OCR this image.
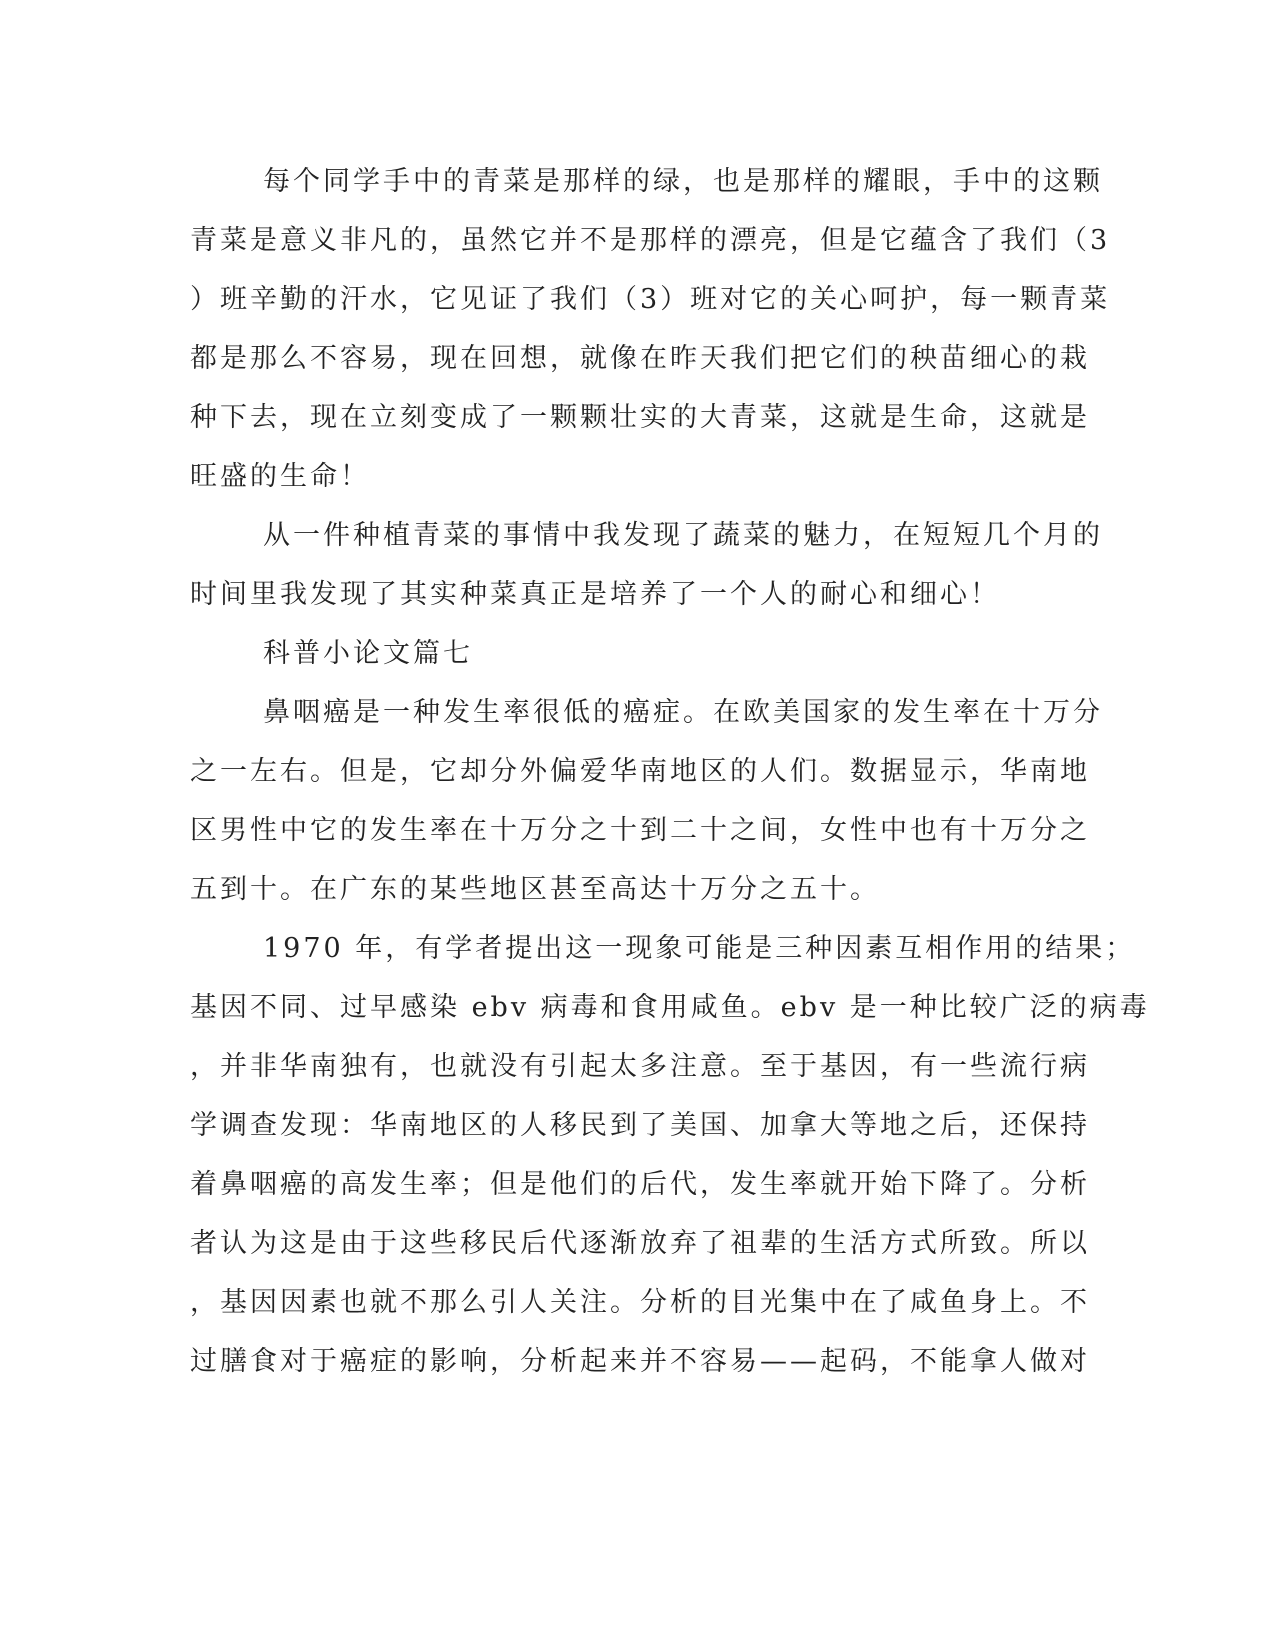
每个同学手中的青菜是那样的绿，也是那样的耀眼，手中的这颗
青菜是意义非凡的，虽然它并不是那样的漂亮，但是它蕴含了我们（3
）班辛勤的汗水，它见证了我们（3）班对它的关心呵护，每一颗青菜
都是那么不容易，现在回想，就像在昨天我们把它们的秧苗细心的栽
种下去，现在立刻变成了一颗颗壮实的大青菜，这就是生命，这就是
旺盛的生命！
从一件种植青菜的事情中我发现了蔬菜的魅力，在短短几个月的
时间里我发现了其实种菜真正是培养了一个人的耐心和细心！
科普小论文篇七
鼻咽癌是一种发生率很低的癌症。在欧美国家的发生率在十万分
之一左右。但是，它却分外偏爱华南地区的人们。数据显示，华南地
区男性中它的发生率在十万分之十到二十之间，女性中也有十万分之
五到十。在广东的某些地区甚至高达十万分之五十。
1970 年，有学者提出这一现象可能是三种因素互相作用的结果；
基因不同、过早感染 ebv 病毒和食用咸鱼。ebv 是一种比较广泛的病毒
，并非华南独有，也就没有引起太多注意。至于基因，有一些流行病
学调查发现：华南地区的人移民到了美国、加拿大等地之后，还保持
着鼻咽癌的高发生率；但是他们的后代，发生率就开始下降了。分析
者认为这是由于这些移民后代逐渐放弃了祖辈的生活方式所致。所以
，基因因素也就不那么引人关注。分析的目光集中在了咸鱼身上。不
过膳食对于癌症的影响，分析起来并不容易——起码，不能拿人做对
